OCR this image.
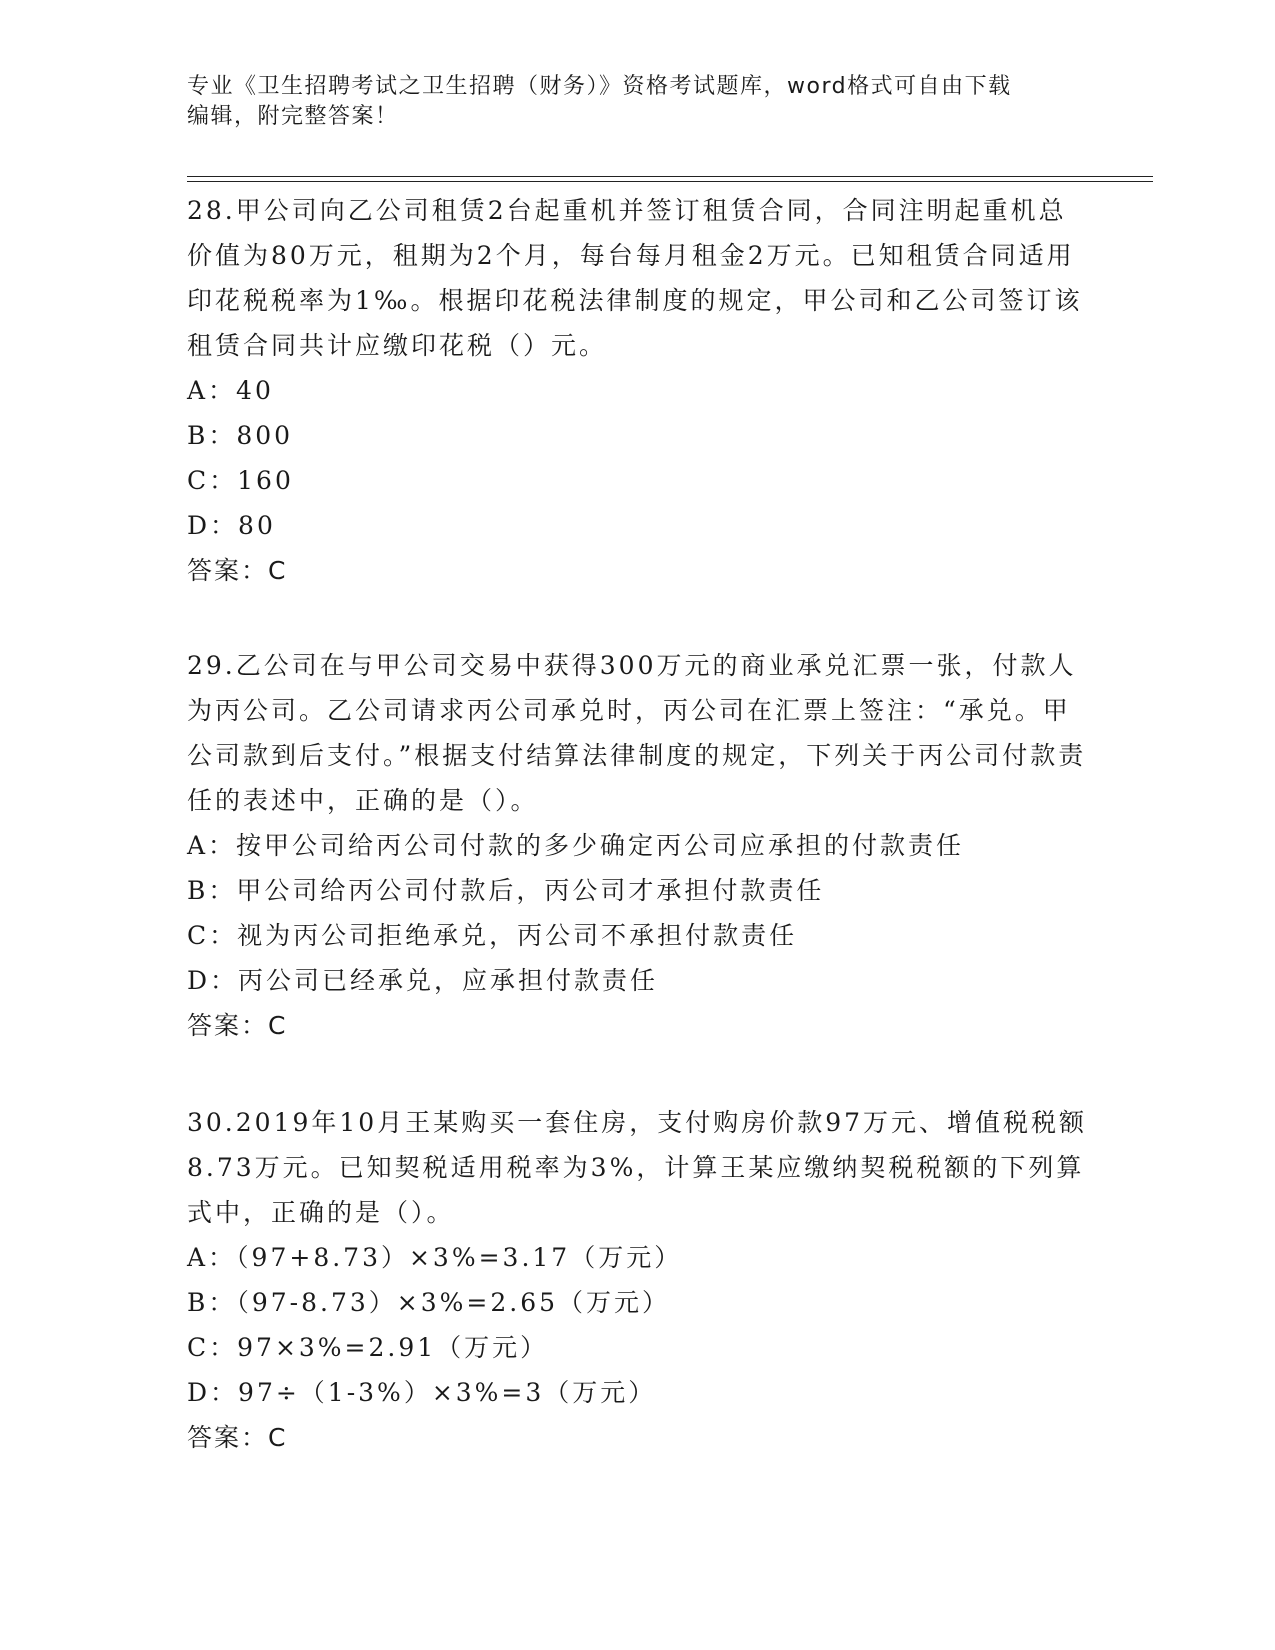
专业《卫生招聘考试之卫生招聘（财务）》资格考试题库，word格式可自由下载
编辑，附完整答案！

28.甲公司向乙公司租赁2台起重机并签订租赁合同，合同注明起重机总价值为80万元，租期为2个月，每台每月租金2万元。已知租赁合同适用印花税税率为1‰。根据印花税法律制度的规定，甲公司和乙公司签订该租赁合同共计应缴印花税（）元。

A：40

B：800

C：160

D：80

答案：C

29.乙公司在与甲公司交易中获得300万元的商业承兑汇票一张，付款人为丙公司。乙公司请求丙公司承兑时，丙公司在汇票上签注：“承兑。甲公司款到后支付。”根据支付结算法律制度的规定，下列关于丙公司付款责任的表述中，正确的是（）。

A：按甲公司给丙公司付款的多少确定丙公司应承担的付款责任

B：甲公司给丙公司付款后，丙公司才承担付款责任

C：视为丙公司拒绝承兑，丙公司不承担付款责任

D：丙公司已经承兑，应承担付款责任

答案：C

30.2019年10月王某购买一套住房，支付购房价款97万元、增值税税额8.73万元。已知契税适用税率为3%，计算王某应缴纳契税税额的下列算式中，正确的是（）。

A：（97+8.73）×3%=3.17（万元）

B：（97-8.73）×3%=2.65（万元）

C：97×3%=2.91（万元）

D：97÷（1-3%）×3%=3（万元）

答案：C
